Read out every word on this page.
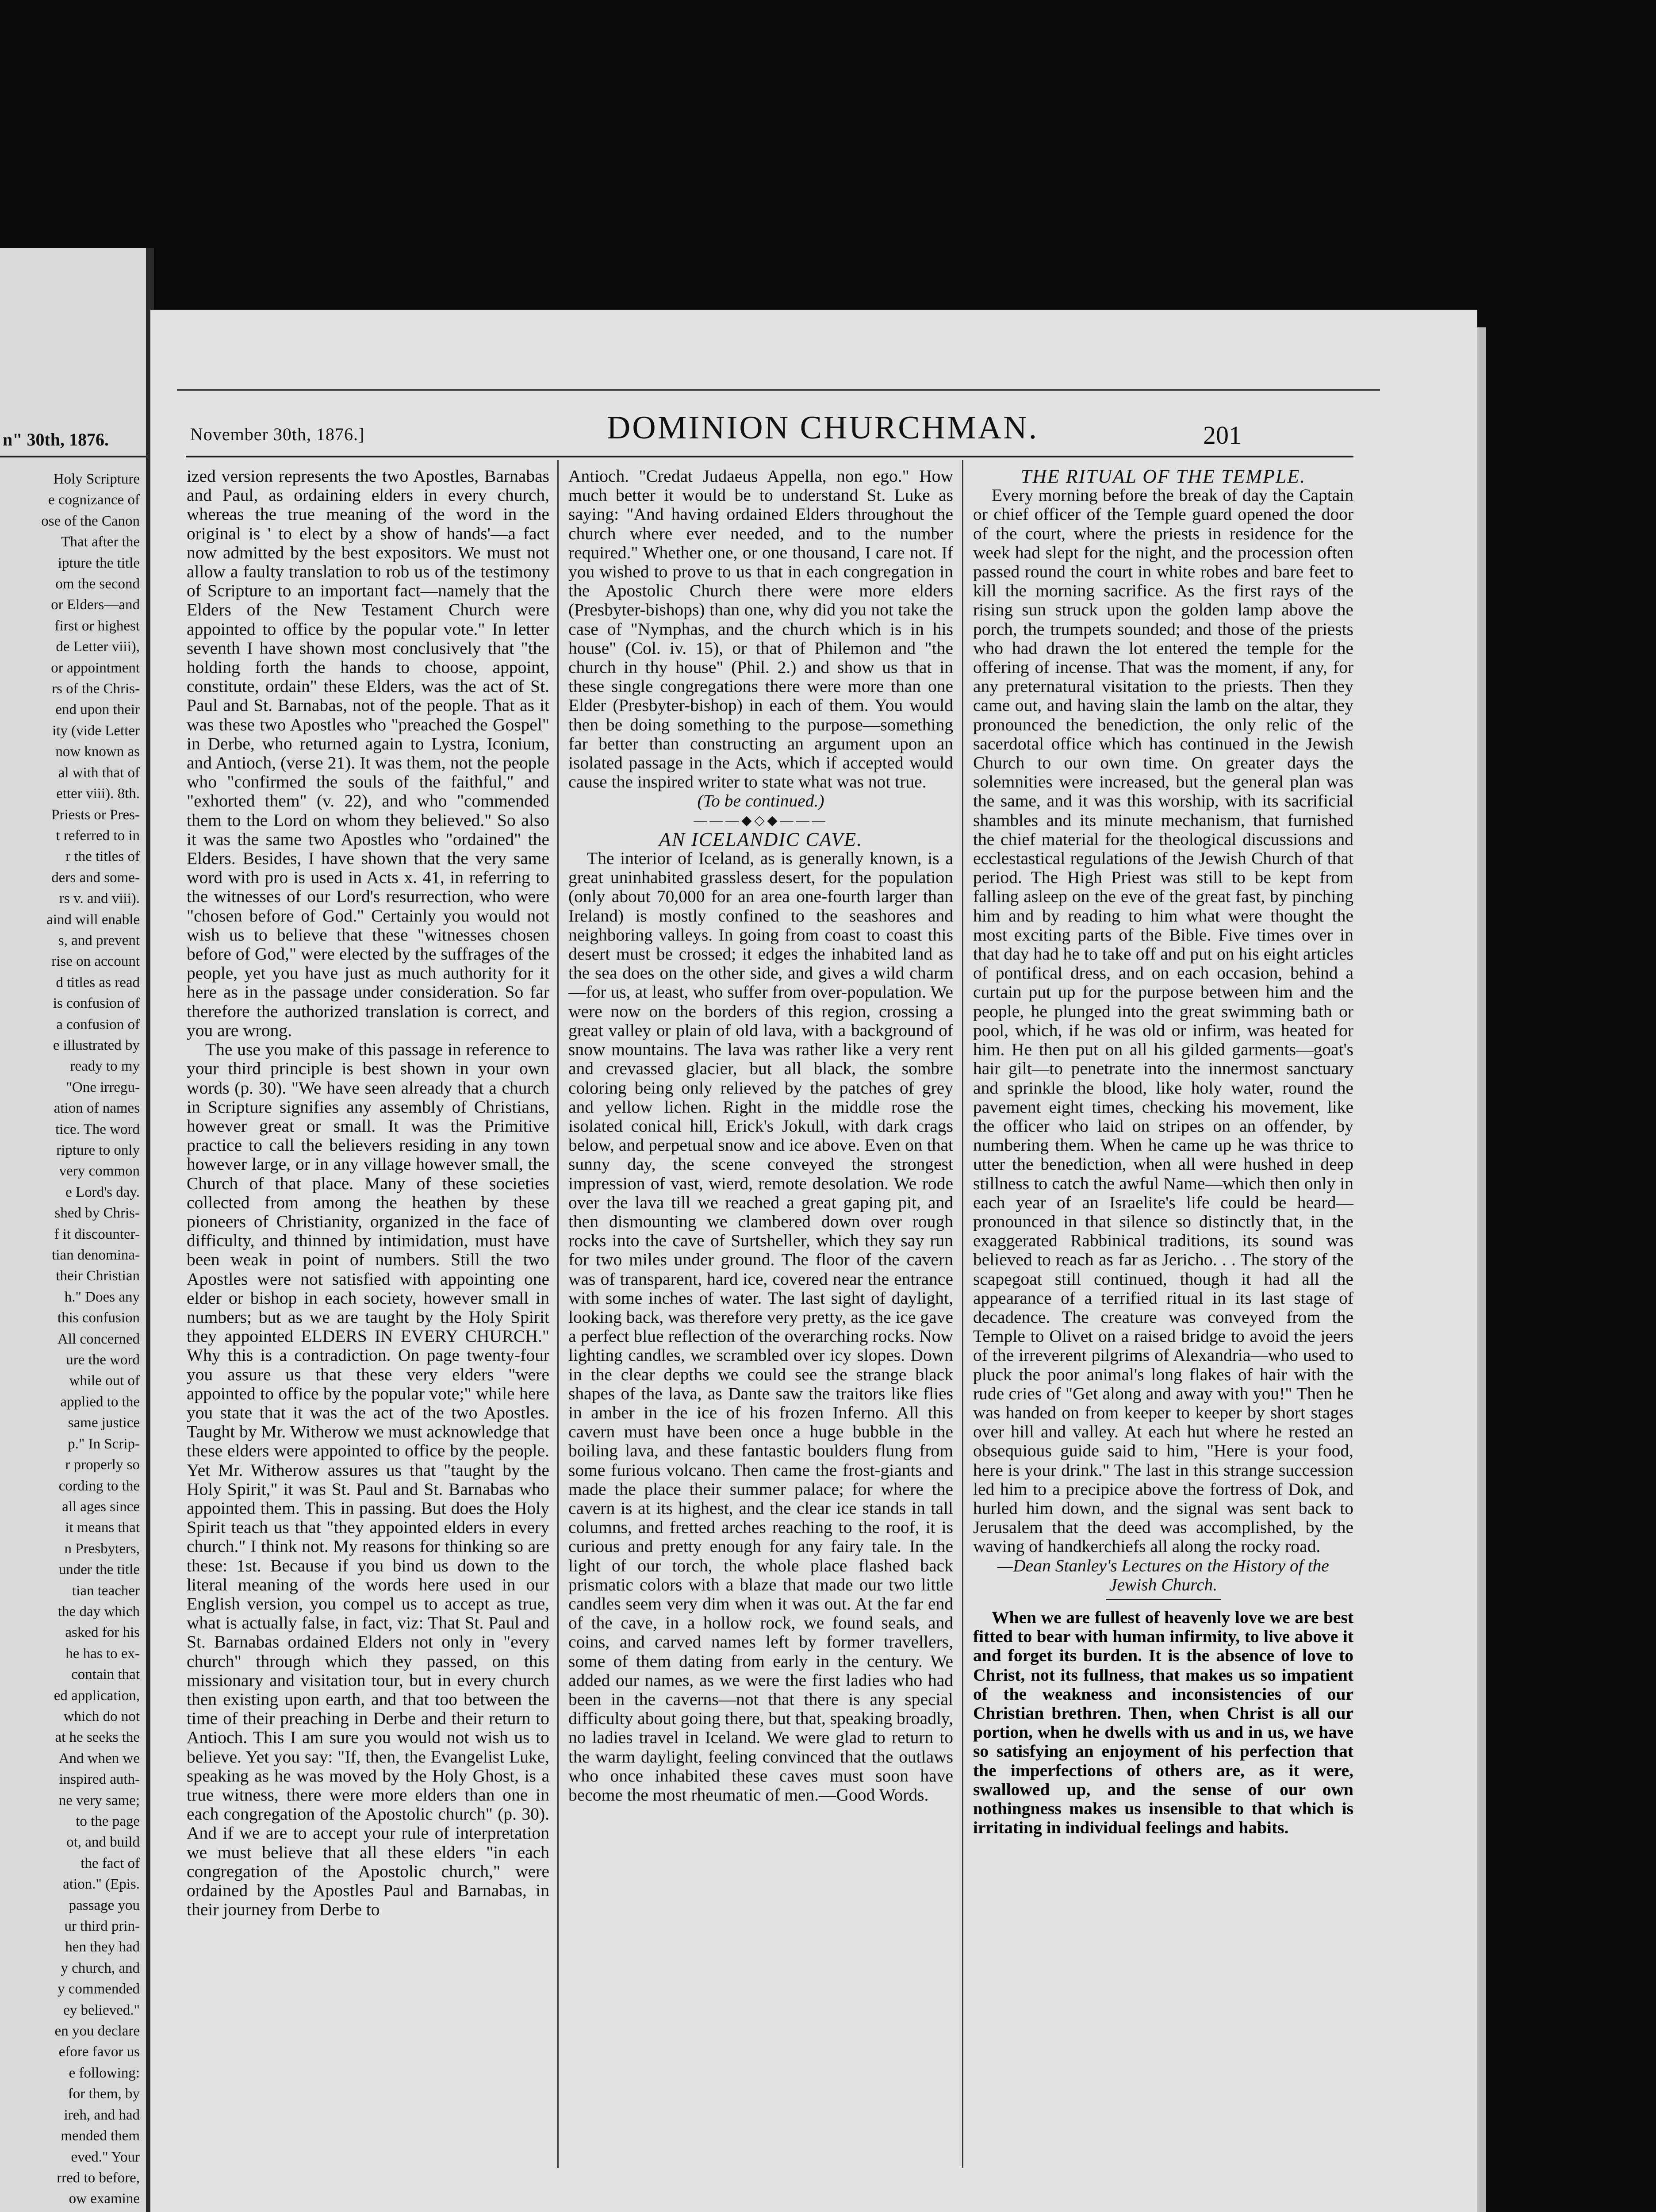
n" 30th, 1876.
Holy Scripture
e cognizance of
ose of the Canon
That after the
ipture the title
om the second
or Elders—and
first or highest
de Letter viii),
or appointment
rs of the Chris-
end upon their
ity (vide Letter
now known as
al with that of
etter viii). 8th.
Priests or Pres-
t referred to in
r the titles of
ders and some-
rs v. and viii).
aind will enable
s, and prevent
rise on account
d titles as read
is confusion of
a confusion of
e illustrated by
ready to my
"One irregu-
ation of names
tice. The word
ripture to only
very common
e Lord's day.
shed by Chris-
f it discounter-
tian denomina-
their Christian
h." Does any
this confusion
All concerned
ure the word
while out of
applied to the
same justice
p." In Scrip-
r properly so
cording to the
all ages since
it means that
n Presbyters,
under the title
tian teacher
the day which
asked for his
he has to ex-
contain that
ed application,
which do not
at he seeks the
And when we
inspired auth-
ne very same;
to the page
ot, and build
the fact of
ation." (Epis.
passage you
ur third prin-
hen they had
y church, and
y commended
ey believed."
en you declare
efore favor us
e following:
for them, by
ireh, and had
mended them
eved." Your
rred to before,
ow examine
November 30th, 1876.]	DOMINION CHURCHMAN.	201

ized version represents the two Apostles, Barnabas and Paul, as ordaining elders in every church, whereas the true meaning of the word in the original is ' to elect by a show of hands'—a fact now admitted by the best expositors. We must not allow a faulty translation to rob us of the testimony of Scripture to an important fact—namely that the Elders of the New Testament Church were appointed to office by the popular vote." In letter seventh I have shown most conclusively that "the holding forth the hands to choose, appoint, constitute, ordain" these Elders, was the act of St. Paul and St. Barnabas, not of the people. That as it was these two Apostles who "preached the Gospel" in Derbe, who returned again to Lystra, Iconium, and Antioch, (verse 21). It was them, not the people who "confirmed the souls of the faithful," and "exhorted them" (v. 22), and who "commended them to the Lord on whom they believed." So also it was the same two Apostles who "ordained" the Elders. Besides, I have shown that the very same word with pro is used in Acts x. 41, in referring to the witnesses of our Lord's resurrection, who were "chosen before of God." Certainly you would not wish us to believe that these "witnesses chosen before of God," were elected by the suffrages of the people, yet you have just as much authority for it here as in the passage under consideration. So far therefore the authorized translation is correct, and you are wrong.

The use you make of this passage in reference to your third principle is best shown in your own words (p. 30). "We have seen already that a church in Scripture signifies any assembly of Christians, however great or small. It was the Primitive practice to call the believers residing in any town however large, or in any village however small, the Church of that place. Many of these societies collected from among the heathen by these pioneers of Christianity, organized in the face of difficulty, and thinned by intimidation, must have been weak in point of numbers. Still the two Apostles were not satisfied with appointing one elder or bishop in each society, however small in numbers; but as we are taught by the Holy Spirit they appointed ELDERS IN EVERY CHURCH." Why this is a contradiction. On page twenty-four you assure us that these very elders "were appointed to office by the popular vote;" while here you state that it was the act of the two Apostles. Taught by Mr. Witherow we must acknowledge that these elders were appointed to office by the people. Yet Mr. Witherow assures us that "taught by the Holy Spirit," it was St. Paul and St. Barnabas who appointed them. This in passing. But does the Holy Spirit teach us that "they appointed elders in every church." I think not. My reasons for thinking so are these: 1st. Because if you bind us down to the literal meaning of the words here used in our English version, you compel us to accept as true, what is actually false, in fact, viz: That St. Paul and St. Barnabas ordained Elders not only in "every church" through which they passed, on this missionary and visitation tour, but in every church then existing upon earth, and that too between the time of their preaching in Derbe and their return to Antioch. This I am sure you would not wish us to believe. Yet you say: "If, then, the Evangelist Luke, speaking as he was moved by the Holy Ghost, is a true witness, there were more elders than one in each congregation of the Apostolic church" (p. 30). And if we are to accept your rule of interpretation we must believe that all these elders "in each congregation of the Apostolic church," were ordained by the Apostles Paul and Barnabas, in their journey from Derbe to

Antioch. "Credat Judaeus Appella, non ego." How much better it would be to understand St. Luke as saying: "And having ordained Elders throughout the church where ever needed, and to the number required." Whether one, or one thousand, I care not. If you wished to prove to us that in each congregation in the Apostolic Church there were more elders (Presbyter-bishops) than one, why did you not take the case of "Nymphas, and the church which is in his house" (Col. iv. 15), or that of Philemon and "the church in thy house" (Phil. 2.) and show us that in these single congregations there were more than one Elder (Presbyter-bishop) in each of them. You would then be doing something to the purpose—something far better than constructing an argument upon an isolated passage in the Acts, which if accepted would cause the inspired writer to state what was not true.

(To be continued.)

———◆◇◆———

AN ICELANDIC CAVE.

The interior of Iceland, as is generally known, is a great uninhabited grassless desert, for the population (only about 70,000 for an area one-fourth larger than Ireland) is mostly confined to the seashores and neighboring valleys. In going from coast to coast this desert must be crossed; it edges the inhabited land as the sea does on the other side, and gives a wild charm—for us, at least, who suffer from over-population. We were now on the borders of this region, crossing a great valley or plain of old lava, with a background of snow mountains. The lava was rather like a very rent and crevassed glacier, but all black, the sombre coloring being only relieved by the patches of grey and yellow lichen. Right in the middle rose the isolated conical hill, Erick's Jokull, with dark crags below, and perpetual snow and ice above. Even on that sunny day, the scene conveyed the strongest impression of vast, wierd, remote desolation. We rode over the lava till we reached a great gaping pit, and then dismounting we clambered down over rough rocks into the cave of Surtsheller, which they say run for two miles under ground. The floor of the cavern was of transparent, hard ice, covered near the entrance with some inches of water. The last sight of daylight, looking back, was therefore very pretty, as the ice gave a perfect blue reflection of the overarching rocks. Now lighting candles, we scrambled over icy slopes. Down in the clear depths we could see the strange black shapes of the lava, as Dante saw the traitors like flies in amber in the ice of his frozen Inferno. All this cavern must have been once a huge bubble in the boiling lava, and these fantastic boulders flung from some furious volcano. Then came the frost-giants and made the place their summer palace; for where the cavern is at its highest, and the clear ice stands in tall columns, and fretted arches reaching to the roof, it is curious and pretty enough for any fairy tale. In the light of our torch, the whole place flashed back prismatic colors with a blaze that made our two little candles seem very dim when it was out. At the far end of the cave, in a hollow rock, we found seals, and coins, and carved names left by former travellers, some of them dating from early in the century. We added our names, as we were the first ladies who had been in the caverns—not that there is any special difficulty about going there, but that, speaking broadly, no ladies travel in Iceland. We were glad to return to the warm daylight, feeling convinced that the outlaws who once inhabited these caves must soon have become the most rheumatic of men.—Good Words.

THE RITUAL OF THE TEMPLE.

Every morning before the break of day the Captain or chief officer of the Temple guard opened the door of the court, where the priests in residence for the week had slept for the night, and the procession often passed round the court in white robes and bare feet to kill the morning sacrifice. As the first rays of the rising sun struck upon the golden lamp above the porch, the trumpets sounded; and those of the priests who had drawn the lot entered the temple for the offering of incense. That was the moment, if any, for any preternatural visitation to the priests. Then they came out, and having slain the lamb on the altar, they pronounced the benediction, the only relic of the sacerdotal office which has continued in the Jewish Church to our own time. On greater days the solemnities were increased, but the general plan was the same, and it was this worship, with its sacrificial shambles and its minute mechanism, that furnished the chief material for the theological discussions and ecclestastical regulations of the Jewish Church of that period. The High Priest was still to be kept from falling asleep on the eve of the great fast, by pinching him and by reading to him what were thought the most exciting parts of the Bible. Five times over in that day had he to take off and put on his eight articles of pontifical dress, and on each occasion, behind a curtain put up for the purpose between him and the people, he plunged into the great swimming bath or pool, which, if he was old or infirm, was heated for him. He then put on all his gilded garments—goat's hair gilt—to penetrate into the innermost sanctuary and sprinkle the blood, like holy water, round the pavement eight times, checking his movement, like the officer who laid on stripes on an offender, by numbering them. When he came up he was thrice to utter the benediction, when all were hushed in deep stillness to catch the awful Name—which then only in each year of an Israelite's life could be heard—pronounced in that silence so distinctly that, in the exaggerated Rabbinical traditions, its sound was believed to reach as far as Jericho. . . The story of the scapegoat still continued, though it had all the appearance of a terrified ritual in its last stage of decadence. The creature was conveyed from the Temple to Olivet on a raised bridge to avoid the jeers of the irreverent pilgrims of Alexandria—who used to pluck the poor animal's long flakes of hair with the rude cries of "Get along and away with you!" Then he was handed on from keeper to keeper by short stages over hill and valley. At each hut where he rested an obsequious guide said to him, "Here is your food, here is your drink." The last in this strange succession led him to a precipice above the fortress of Dok, and hurled him down, and the signal was sent back to Jerusalem that the deed was accomplished, by the waving of handkerchiefs all along the rocky road.

—Dean Stanley's Lectures on the History of the Jewish Church.

When we are fullest of heavenly love we are best fitted to bear with human infirmity, to live above it and forget its burden. It is the absence of love to Christ, not its fullness, that makes us so impatient of the weakness and inconsistencies of our Christian brethren. Then, when Christ is all our portion, when he dwells with us and in us, we have so satisfying an enjoyment of his perfection that the imperfections of others are, as it were, swallowed up, and the sense of our own nothingness makes us insensible to that which is irritating in individual feelings and habits.
